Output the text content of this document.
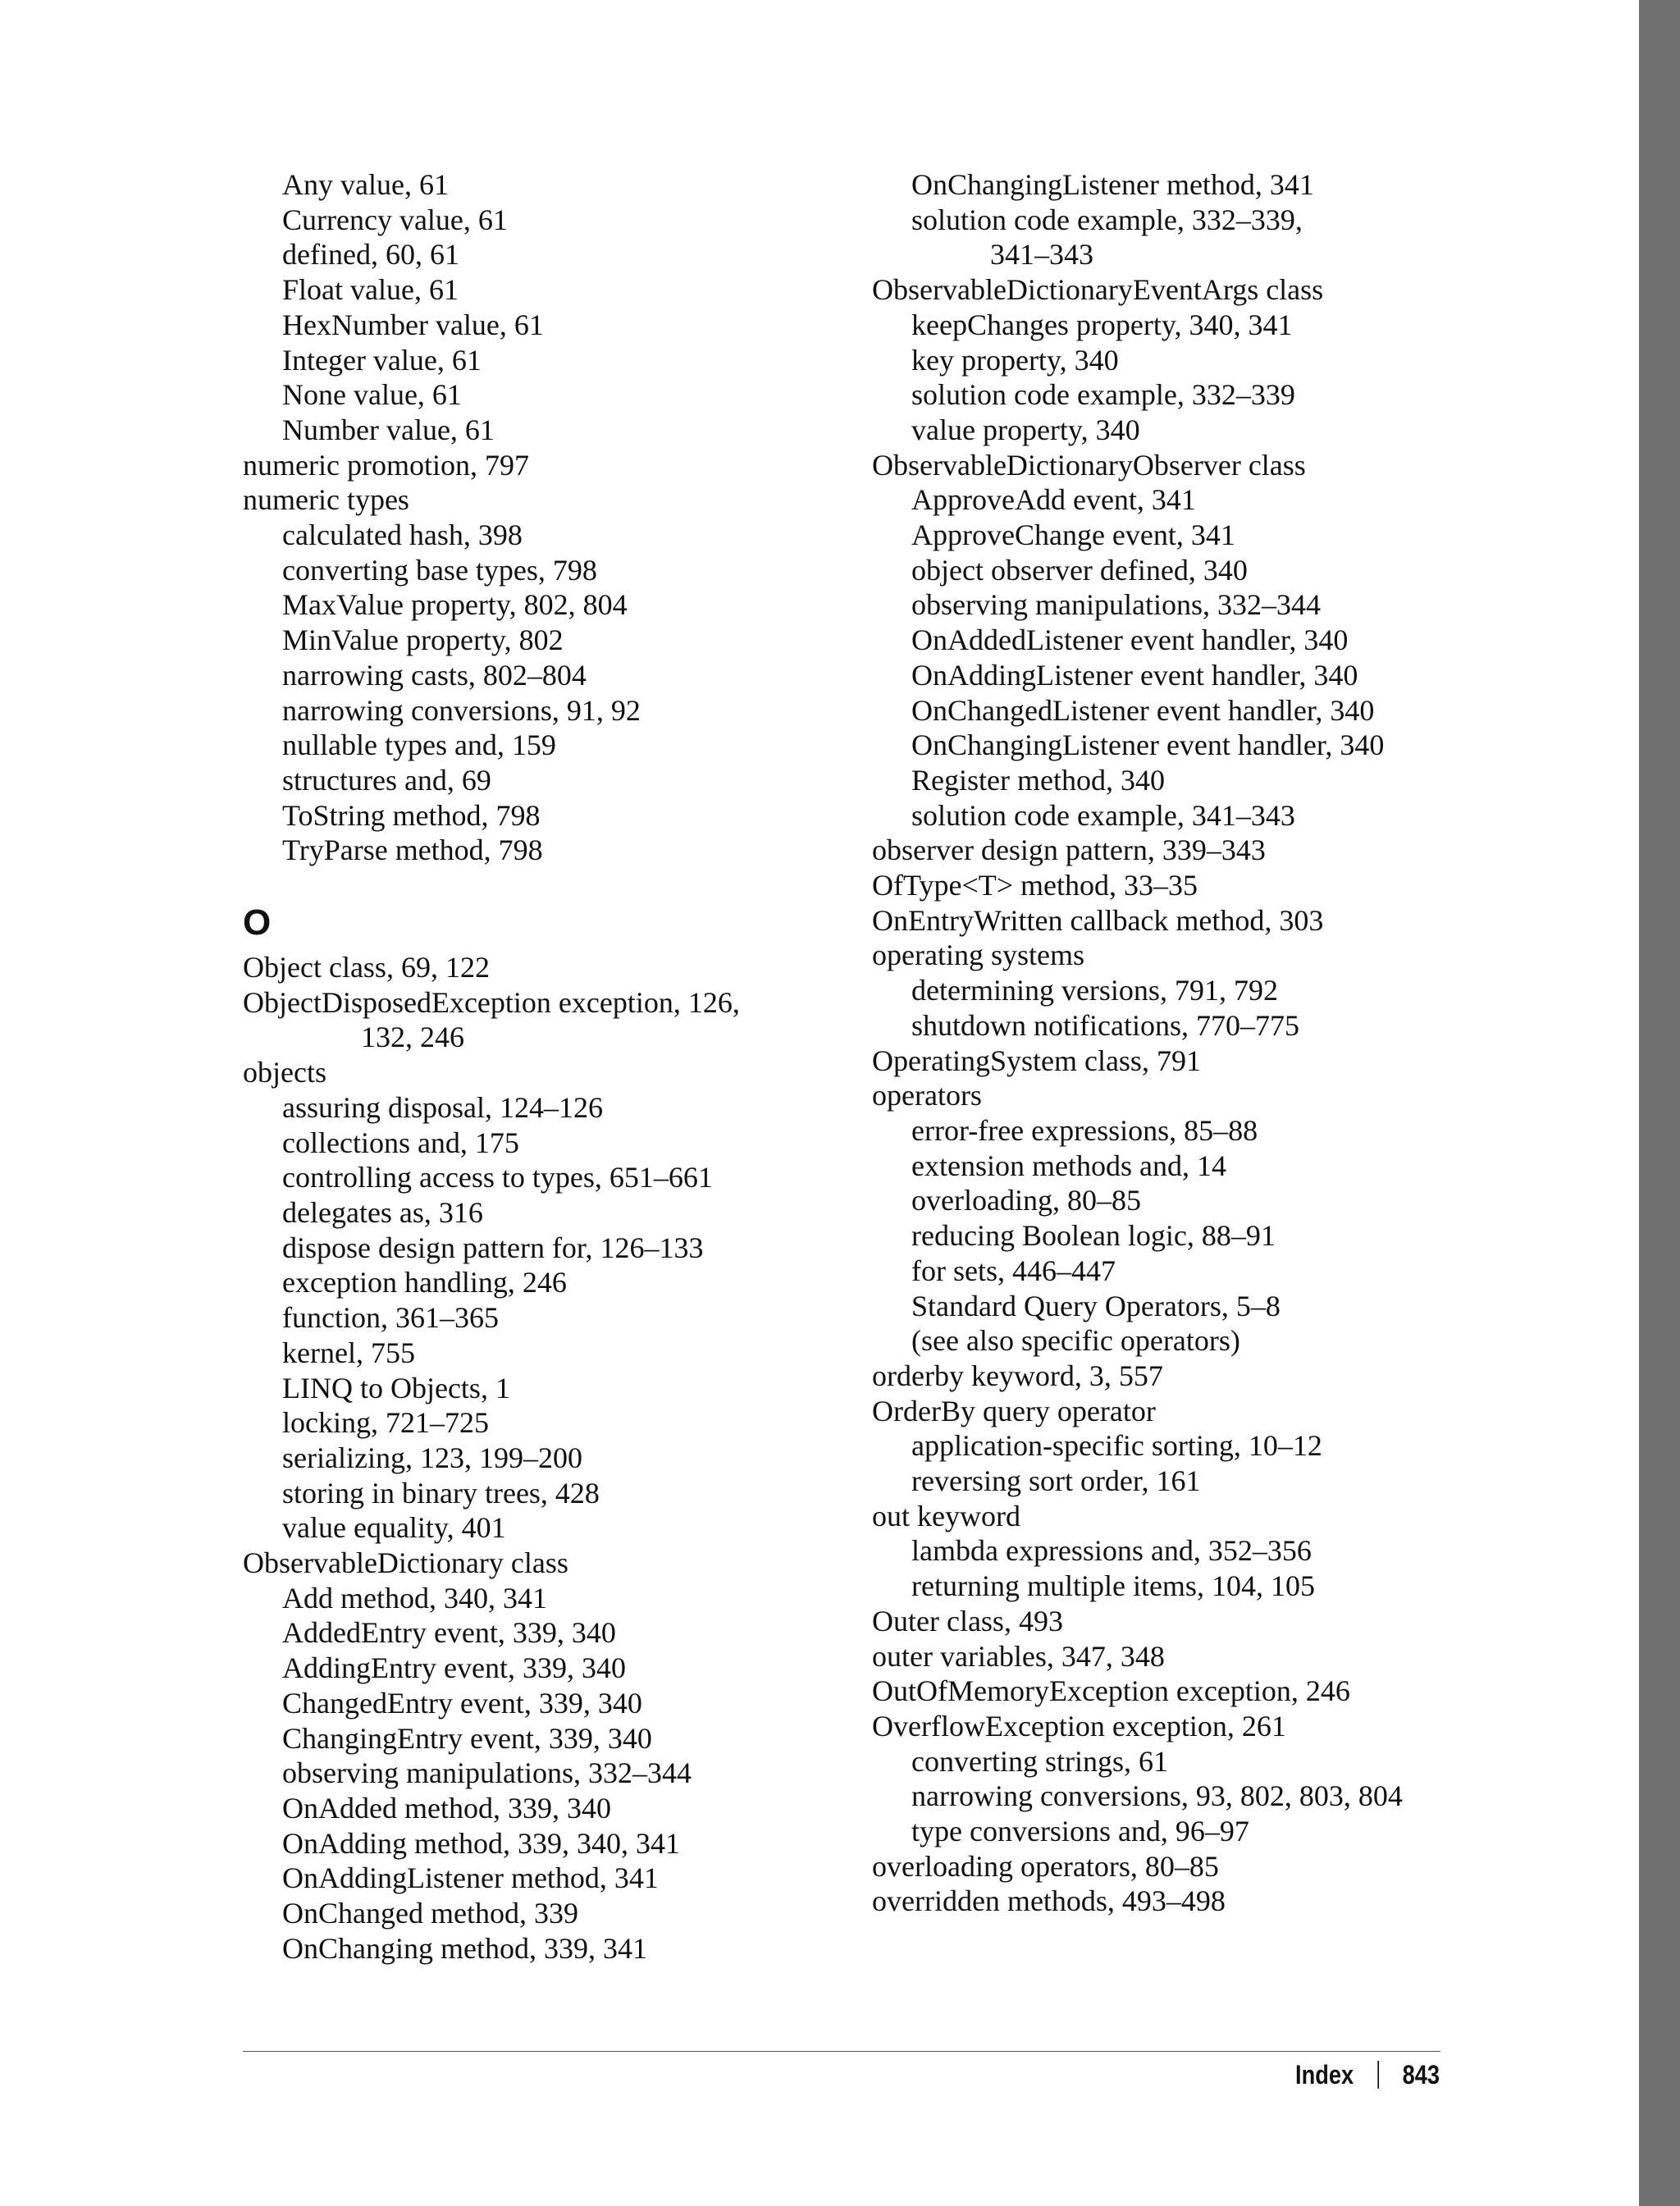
Any value, 61
Currency value, 61
defined, 60, 61
Float value, 61
HexNumber value, 61
Integer value, 61
None value, 61
Number value, 61
numeric promotion, 797
numeric types
calculated hash, 398
converting base types, 798
MaxValue property, 802, 804
MinValue property, 802
narrowing casts, 802–804
narrowing conversions, 91, 92
nullable types and, 159
structures and, 69
ToString method, 798
TryParse method, 798
O
Object class, 69, 122
ObjectDisposedException exception, 126,
132, 246
objects
assuring disposal, 124–126
collections and, 175
controlling access to types, 651–661
delegates as, 316
dispose design pattern for, 126–133
exception handling, 246
function, 361–365
kernel, 755
LINQ to Objects, 1
locking, 721–725
serializing, 123, 199–200
storing in binary trees, 428
value equality, 401
ObservableDictionary class
Add method, 340, 341
AddedEntry event, 339, 340
AddingEntry event, 339, 340
ChangedEntry event, 339, 340
ChangingEntry event, 339, 340
observing manipulations, 332–344
OnAdded method, 339, 340
OnAdding method, 339, 340, 341
OnAddingListener method, 341
OnChanged method, 339
OnChanging method, 339, 341
OnChangingListener method, 341
solution code example, 332–339,
341–343
ObservableDictionaryEventArgs class
keepChanges property, 340, 341
key property, 340
solution code example, 332–339
value property, 340
ObservableDictionaryObserver class
ApproveAdd event, 341
ApproveChange event, 341
object observer defined, 340
observing manipulations, 332–344
OnAddedListener event handler, 340
OnAddingListener event handler, 340
OnChangedListener event handler, 340
OnChangingListener event handler, 340
Register method, 340
solution code example, 341–343
observer design pattern, 339–343
OfType<T> method, 33–35
OnEntryWritten callback method, 303
operating systems
determining versions, 791, 792
shutdown notifications, 770–775
OperatingSystem class, 791
operators
error-free expressions, 85–88
extension methods and, 14
overloading, 80–85
reducing Boolean logic, 88–91
for sets, 446–447
Standard Query Operators, 5–8
(see also specific operators)
orderby keyword, 3, 557
OrderBy query operator
application-specific sorting, 10–12
reversing sort order, 161
out keyword
lambda expressions and, 352–356
returning multiple items, 104, 105
Outer class, 493
outer variables, 347, 348
OutOfMemoryException exception, 246
OverflowException exception, 261
converting strings, 61
narrowing conversions, 93, 802, 803, 804
type conversions and, 96–97
overloading operators, 80–85
overridden methods, 493–498
Index 843
